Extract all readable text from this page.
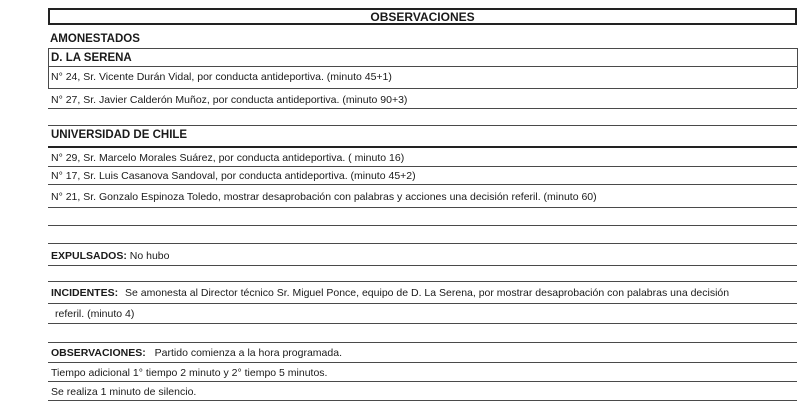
OBSERVACIONES
AMONESTADOS
D. LA SERENA
N° 24, Sr. Vicente Durán Vidal, por conducta antideportiva. (minuto 45+1)
N° 27, Sr. Javier Calderón Muñoz, por conducta antideportiva. (minuto 90+3)
UNIVERSIDAD DE CHILE
N° 29, Sr. Marcelo Morales Suárez, por conducta antideportiva. ( minuto 16)
N° 17, Sr. Luis Casanova Sandoval, por conducta antideportiva. (minuto 45+2)
N° 21, Sr. Gonzalo Espinoza Toledo, mostrar desaprobación con palabras y acciones una decisión referil. (minuto 60)
EXPULSADOS: No hubo
INCIDENTES: Se amonesta al Director técnico Sr. Miguel Ponce, equipo de D. La Serena, por mostrar desaprobación con palabras una decisión
referil. (minuto 4)
OBSERVACIONES: Partido comienza a la hora programada.
Tiempo adicional 1° tiempo 2 minuto y 2° tiempo 5 minutos.
Se realiza 1 minuto de silencio.
